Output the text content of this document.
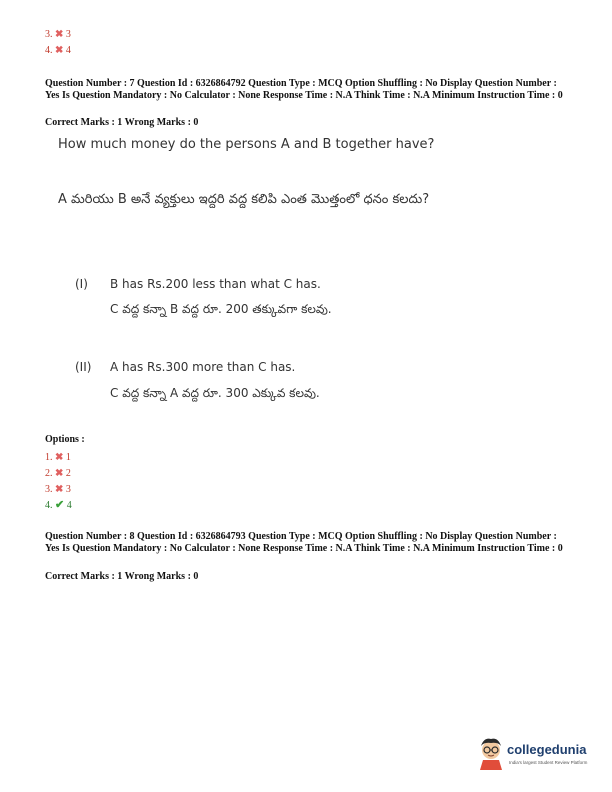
3. ✖ 3
4. ✖ 4
Question Number : 7 Question Id : 6326864792 Question Type : MCQ Option Shuffling : No Display Question Number : Yes Is Question Mandatory : No Calculator : None Response Time : N.A Think Time : N.A Minimum Instruction Time : 0
Correct Marks : 1 Wrong Marks : 0
How much money do the persons A and B together have?
A మరియు B అనే వ్యక్తులు ఇద్దరి వద్ద కలిపి ఎంత మొత్తంలో ధనం కలదు?
(I) B has Rs.200 less than what C has.
C వద్ద కన్నా B వద్ద రూ. 200 తక్కువగా కలవు.
(II) A has Rs.300 more than C has.
C వద్ద కన్నా A వద్ద రూ. 300 ఎక్కువ కలవు.
Options :
1. ✖ 1
2. ✖ 2
3. ✖ 3
4. ✔ 4
Question Number : 8 Question Id : 6326864793 Question Type : MCQ Option Shuffling : No Display Question Number : Yes Is Question Mandatory : No Calculator : None Response Time : N.A Think Time : N.A Minimum Instruction Time : 0
Correct Marks : 1 Wrong Marks : 0
collegedunia
India's largest Student Review Platform
